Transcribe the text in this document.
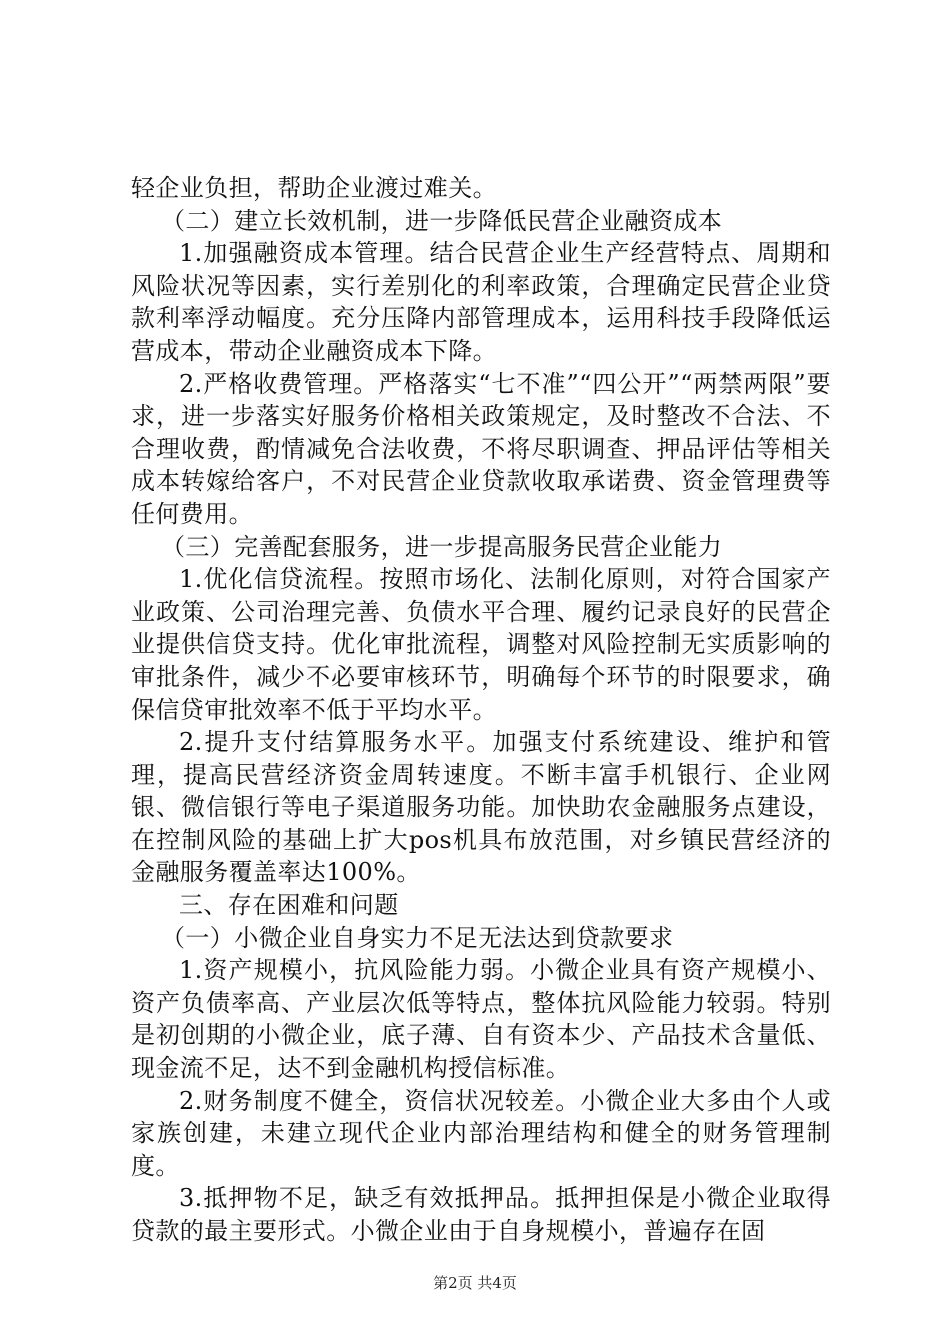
轻企业负担，帮助企业渡过难关。

（二）建立长效机制，进一步降低民营企业融资成本

1.加强融资成本管理。结合民营企业生产经营特点、周期和风险状况等因素，实行差别化的利率政策，合理确定民营企业贷款利率浮动幅度。充分压降内部管理成本，运用科技手段降低运营成本，带动企业融资成本下降。

2.严格收费管理。严格落实“七不准”“四公开”“两禁两限”要求，进一步落实好服务价格相关政策规定，及时整改不合法、不合理收费，酌情减免合法收费，不将尽职调查、押品评估等相关成本转嫁给客户，不对民营企业贷款收取承诺费、资金管理费等任何费用。

（三）完善配套服务，进一步提高服务民营企业能力

1.优化信贷流程。按照市场化、法制化原则，对符合国家产业政策、公司治理完善、负债水平合理、履约记录良好的民营企业提供信贷支持。优化审批流程，调整对风险控制无实质影响的审批条件，减少不必要审核环节，明确每个环节的时限要求，确保信贷审批效率不低于平均水平。

2.提升支付结算服务水平。加强支付系统建设、维护和管理，提高民营经济资金周转速度。不断丰富手机银行、企业网银、微信银行等电子渠道服务功能。加快助农金融服务点建设，在控制风险的基础上扩大pos机具布放范围，对乡镇民营经济的金融服务覆盖率达100%。

三、存在困难和问题

（一）小微企业自身实力不足无法达到贷款要求

1.资产规模小，抗风险能力弱。小微企业具有资产规模小、资产负债率高、产业层次低等特点，整体抗风险能力较弱。特别是初创期的小微企业，底子薄、自有资本少、产品技术含量低、现金流不足，达不到金融机构授信标准。

2.财务制度不健全，资信状况较差。小微企业大多由个人或家族创建，未建立现代企业内部治理结构和健全的财务管理制度。

3.抵押物不足，缺乏有效抵押品。抵押担保是小微企业取得贷款的最主要形式。小微企业由于自身规模小，普遍存在固

第2页 共4页
